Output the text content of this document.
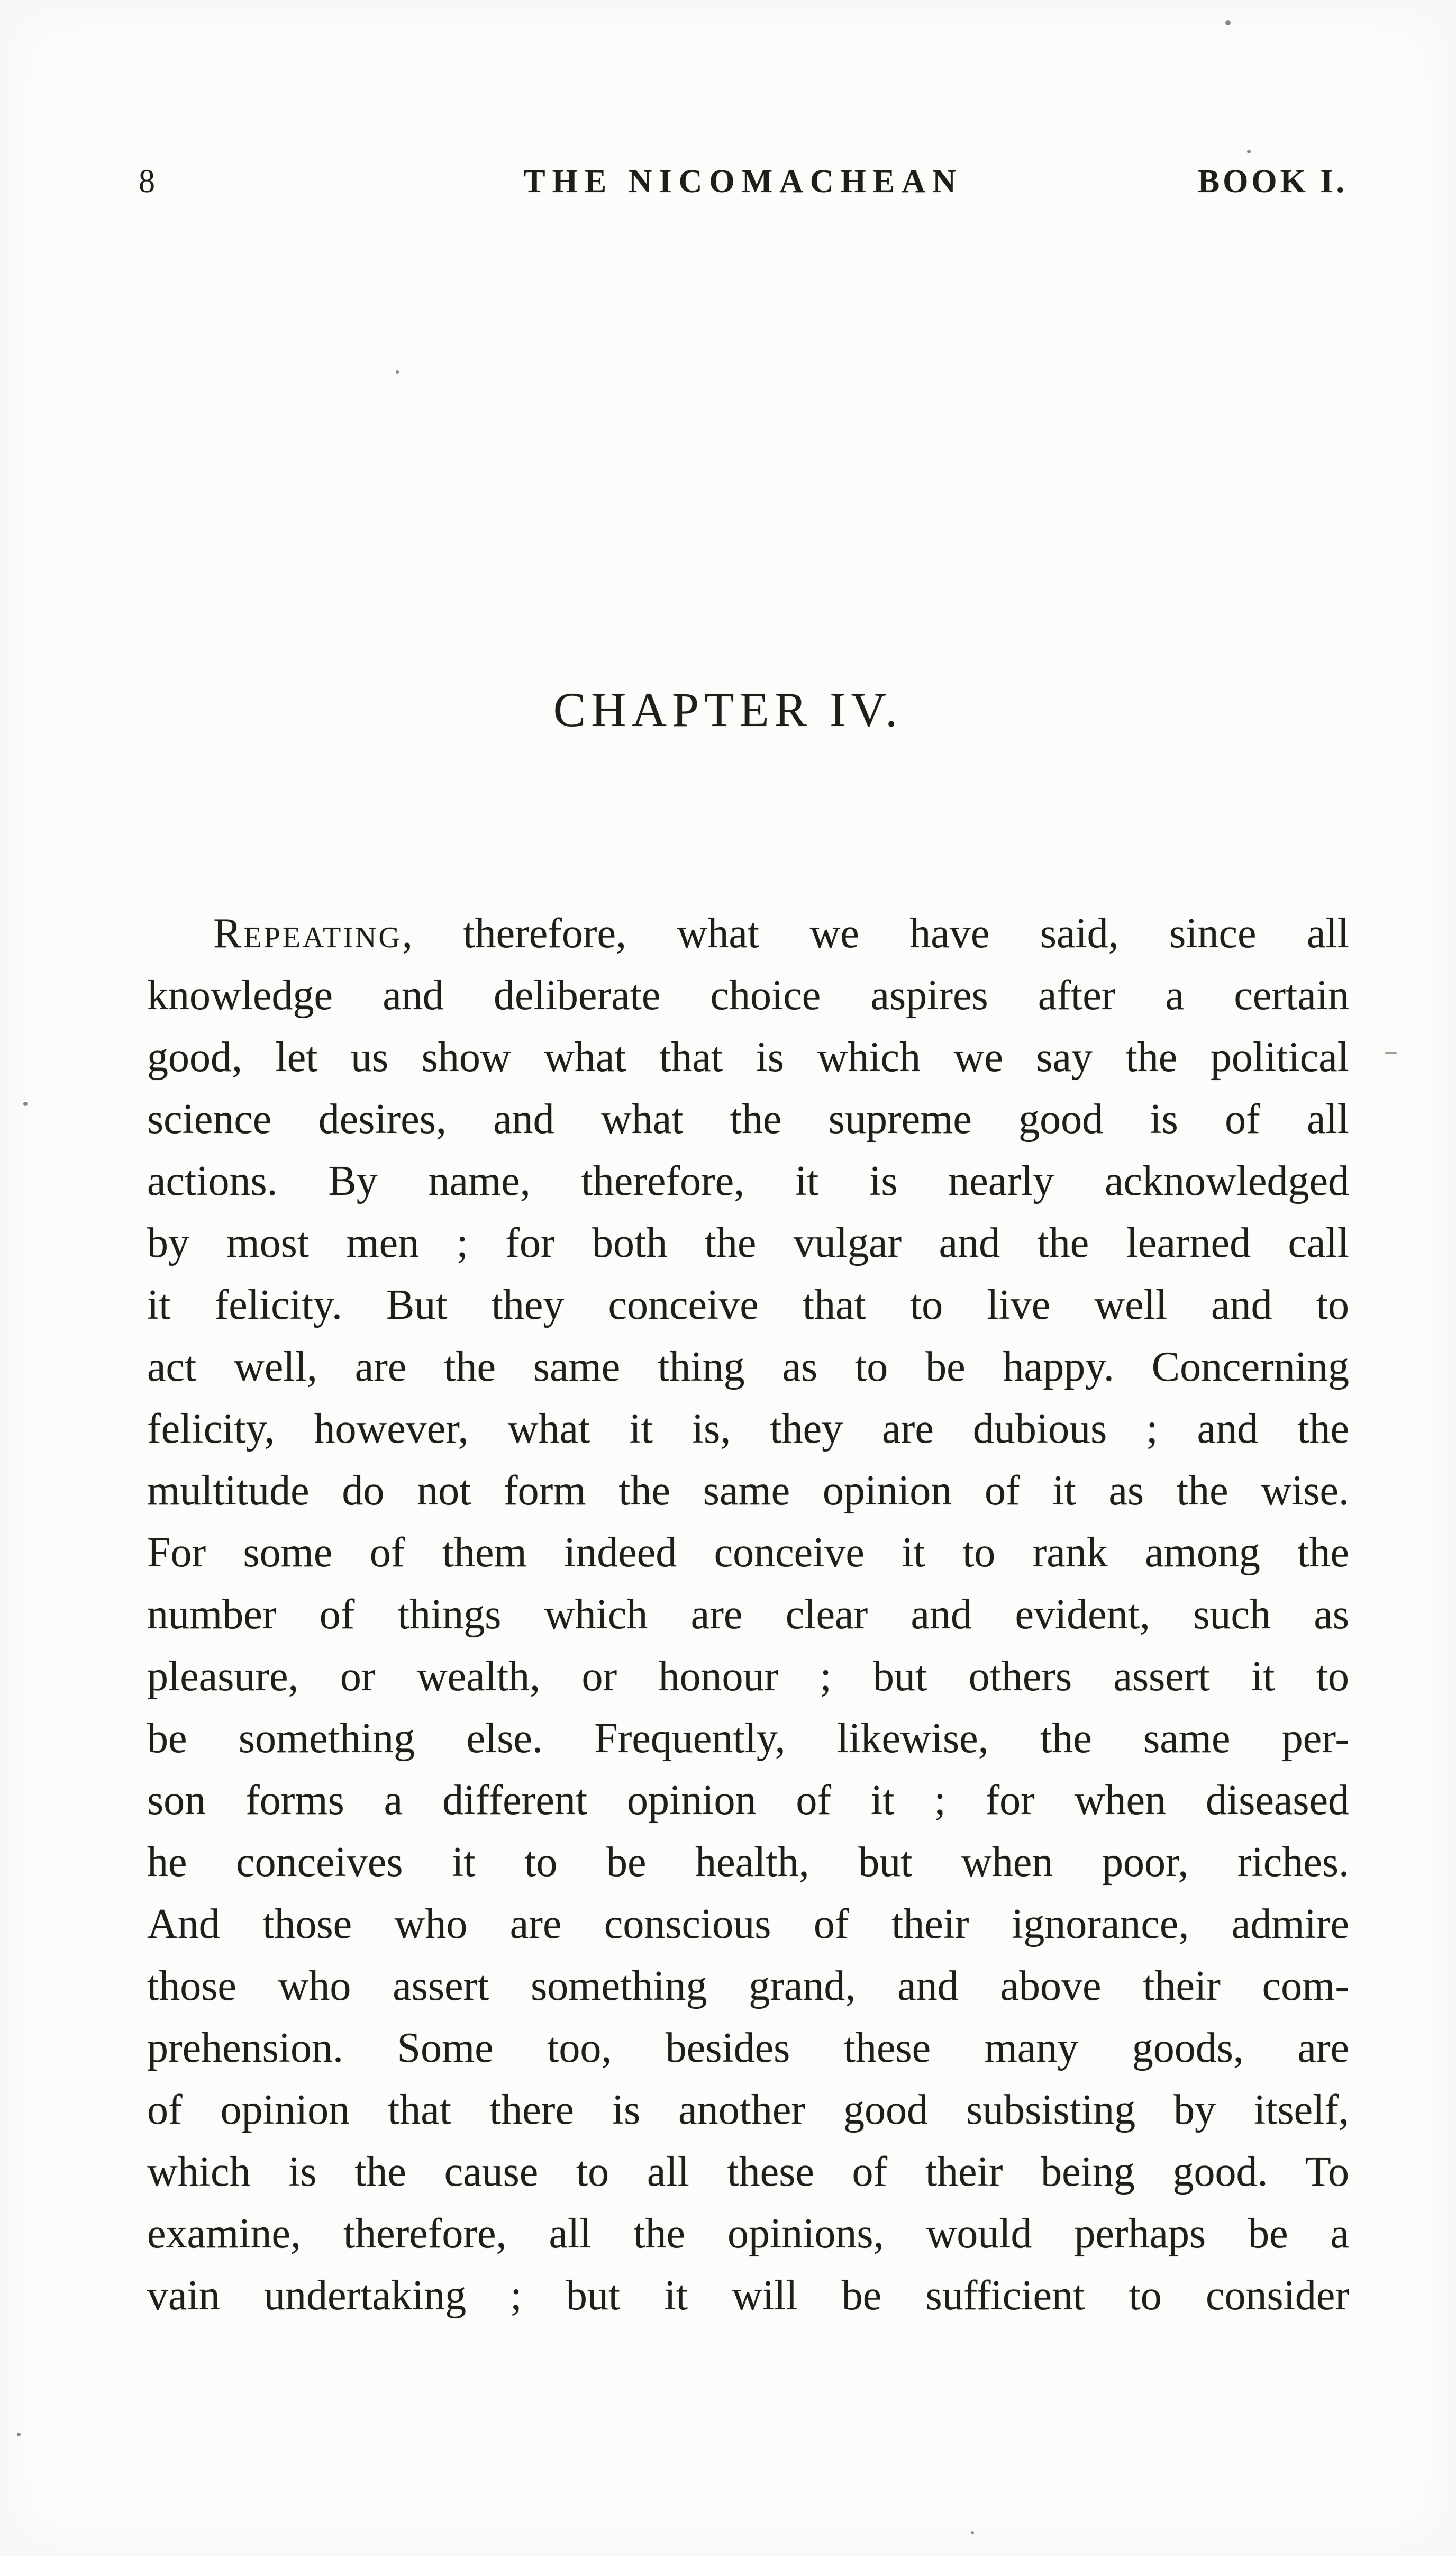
8	THE NICOMACHEAN	BOOK I.
CHAPTER IV.
Repeating, therefore, what we have said, since all
knowledge and deliberate choice aspires after a certain
good, let us show what that is which we say the political
science desires, and what the supreme good is of all
actions. By name, therefore, it is nearly acknowledged
by most men ; for both the vulgar and the learned call
it felicity. But they conceive that to live well and to
act well, are the same thing as to be happy. Concerning
felicity, however, what it is, they are dubious ; and the
multitude do not form the same opinion of it as the wise.
For some of them indeed conceive it to rank among the
number of things which are clear and evident, such as
pleasure, or wealth, or honour ; but others assert it to
be something else. Frequently, likewise, the same per-
son forms a different opinion of it ; for when diseased
he conceives it to be health, but when poor, riches.
And those who are conscious of their ignorance, admire
those who assert something grand, and above their com-
prehension. Some too, besides these many goods, are
of opinion that there is another good subsisting by itself,
which is the cause to all these of their being good. To
examine, therefore, all the opinions, would perhaps be a
vain undertaking ; but it will be sufficient to consider
